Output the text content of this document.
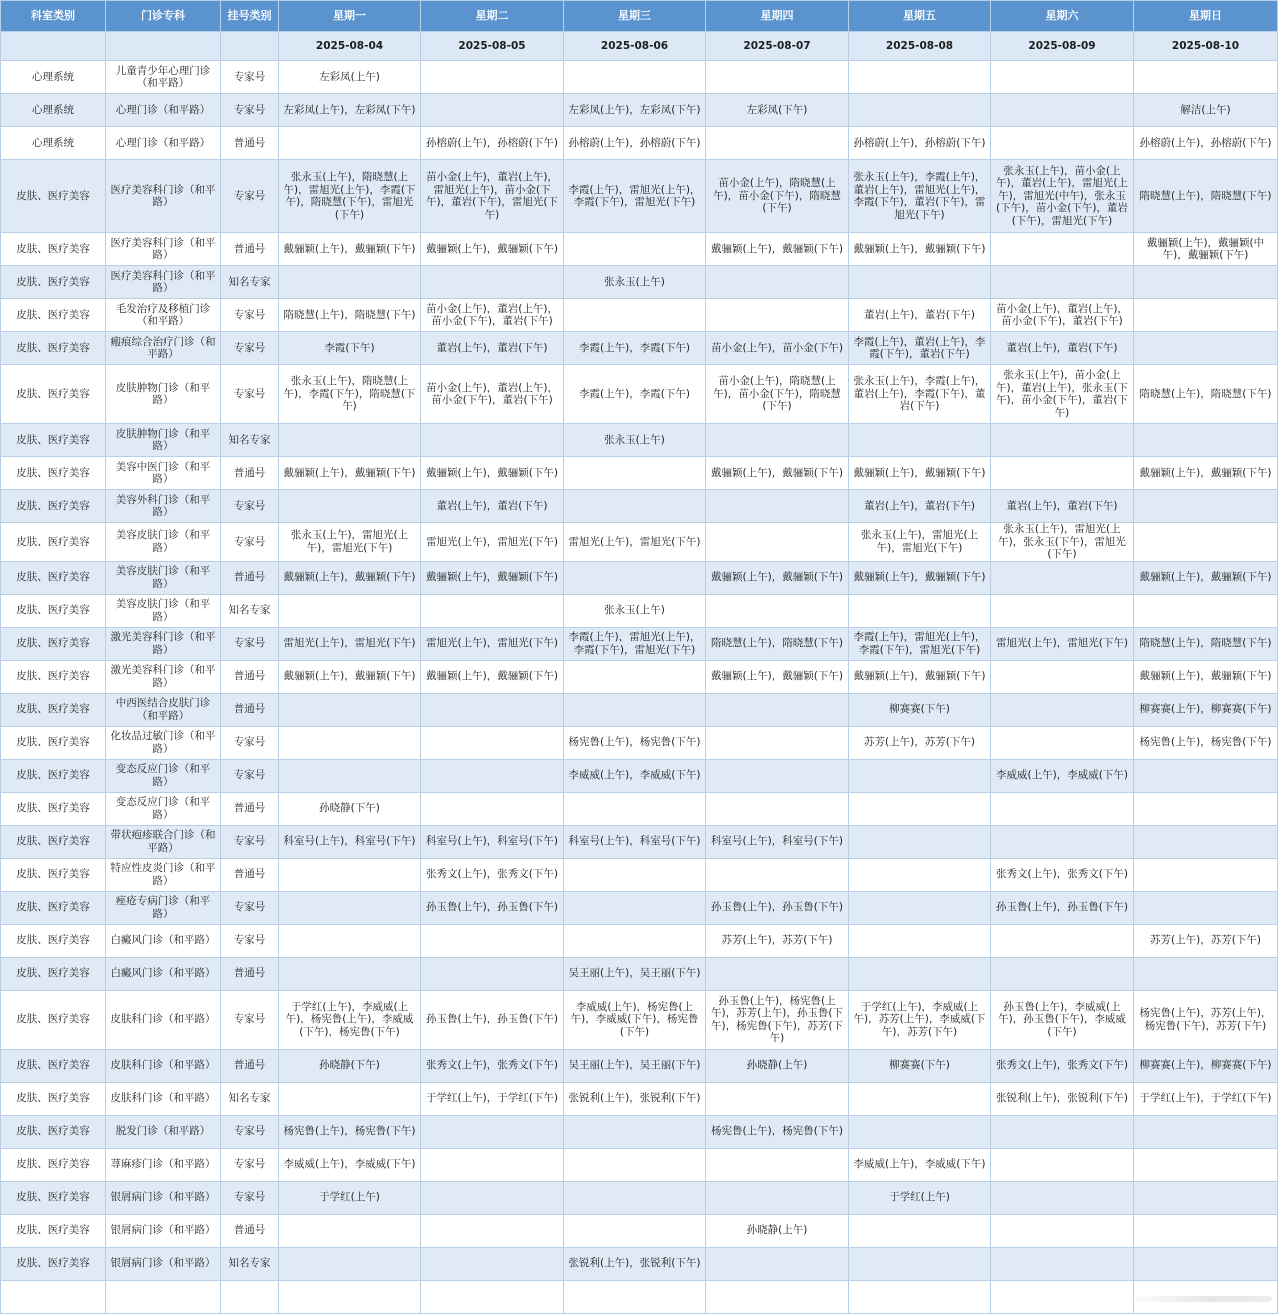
科室类别	门诊专科	挂号类别	星期一	星期二	星期三	星期四	星期五	星期六	星期日
			2025-08-04	2025-08-05	2025-08-06	2025-08-07	2025-08-08	2025-08-09	2025-08-10
心理系统	儿童青少年心理门诊（和平路）	专家号	左彩凤(上午)						
心理系统	心理门诊（和平路）	专家号	左彩凤(上午)，左彩凤(下午)		左彩凤(上午)，左彩凤(下午)	左彩凤(下午)			解洁(上午)
心理系统	心理门诊（和平路）	普通号		孙榕蔚(上午)，孙榕蔚(下午)	孙榕蔚(上午)，孙榕蔚(下午)		孙榕蔚(上午)，孙榕蔚(下午)		孙榕蔚(上午)，孙榕蔚(下午)
皮肤、医疗美容	医疗美容科门诊（和平路）	专家号	张永玉(上午)，隋晓慧(上午)，雷旭光(上午)，李霞(下午)，隋晓慧(下午)，雷旭光(下午)	苗小金(上午)，董岩(上午)，雷旭光(上午)，苗小金(下午)，董岩(下午)，雷旭光(下午)	李霞(上午)，雷旭光(上午)，李霞(下午)，雷旭光(下午)	苗小金(上午)，隋晓慧(上午)，苗小金(下午)，隋晓慧(下午)	张永玉(上午)，李霞(上午)，董岩(上午)，雷旭光(上午)，李霞(下午)，董岩(下午)，雷旭光(下午)	张永玉(上午)，苗小金(上午)，董岩(上午)，雷旭光(上午)，雷旭光(中午)，张永玉(下午)，苗小金(下午)，董岩(下午)，雷旭光(下午)	隋晓慧(上午)，隋晓慧(下午)
皮肤、医疗美容	医疗美容科门诊（和平路）	普通号	戴骊颖(上午)，戴骊颖(下午)	戴骊颖(上午)，戴骊颖(下午)		戴骊颖(上午)，戴骊颖(下午)	戴骊颖(上午)，戴骊颖(下午)		戴骊颖(上午)，戴骊颖(中午)，戴骊颖(下午)
皮肤、医疗美容	医疗美容科门诊（和平路）	知名专家			张永玉(上午)				
皮肤、医疗美容	毛发治疗及移植门诊（和平路）	专家号	隋晓慧(上午)，隋晓慧(下午)	苗小金(上午)，董岩(上午)，苗小金(下午)，董岩(下午)			董岩(上午)，董岩(下午)	苗小金(上午)，董岩(上午)，苗小金(下午)，董岩(下午)	
皮肤、医疗美容	瘢痕综合治疗门诊（和平路）	专家号	李霞(下午)	董岩(上午)，董岩(下午)	李霞(上午)，李霞(下午)	苗小金(上午)，苗小金(下午)	李霞(上午)，董岩(上午)，李霞(下午)，董岩(下午)	董岩(上午)，董岩(下午)	
皮肤、医疗美容	皮肤肿物门诊（和平路）	专家号	张永玉(上午)，隋晓慧(上午)，李霞(下午)，隋晓慧(下午)	苗小金(上午)，董岩(上午)，苗小金(下午)，董岩(下午)	李霞(上午)，李霞(下午)	苗小金(上午)，隋晓慧(上午)，苗小金(下午)，隋晓慧(下午)	张永玉(上午)，李霞(上午)，董岩(上午)，李霞(下午)，董岩(下午)	张永玉(上午)，苗小金(上午)，董岩(上午)，张永玉(下午)，苗小金(下午)，董岩(下午)	隋晓慧(上午)，隋晓慧(下午)
皮肤、医疗美容	皮肤肿物门诊（和平路）	知名专家			张永玉(上午)				
皮肤、医疗美容	美容中医门诊（和平路）	普通号	戴骊颖(上午)，戴骊颖(下午)	戴骊颖(上午)，戴骊颖(下午)		戴骊颖(上午)，戴骊颖(下午)	戴骊颖(上午)，戴骊颖(下午)		戴骊颖(上午)，戴骊颖(下午)
皮肤、医疗美容	美容外科门诊（和平路）	专家号		董岩(上午)，董岩(下午)			董岩(上午)，董岩(下午)	董岩(上午)，董岩(下午)	
皮肤、医疗美容	美容皮肤门诊（和平路）	专家号	张永玉(上午)，雷旭光(上午)，雷旭光(下午)	雷旭光(上午)，雷旭光(下午)	雷旭光(上午)，雷旭光(下午)		张永玉(上午)，雷旭光(上午)，雷旭光(下午)	张永玉(上午)，雷旭光(上午)，张永玉(下午)，雷旭光(下午)	
皮肤、医疗美容	美容皮肤门诊（和平路）	普通号	戴骊颖(上午)，戴骊颖(下午)	戴骊颖(上午)，戴骊颖(下午)		戴骊颖(上午)，戴骊颖(下午)	戴骊颖(上午)，戴骊颖(下午)		戴骊颖(上午)，戴骊颖(下午)
皮肤、医疗美容	美容皮肤门诊（和平路）	知名专家			张永玉(上午)				
皮肤、医疗美容	激光美容科门诊（和平路）	专家号	雷旭光(上午)，雷旭光(下午)	雷旭光(上午)，雷旭光(下午)	李霞(上午)，雷旭光(上午)，李霞(下午)，雷旭光(下午)	隋晓慧(上午)，隋晓慧(下午)	李霞(上午)，雷旭光(上午)，李霞(下午)，雷旭光(下午)	雷旭光(上午)，雷旭光(下午)	隋晓慧(上午)，隋晓慧(下午)
皮肤、医疗美容	激光美容科门诊（和平路）	普通号	戴骊颖(上午)，戴骊颖(下午)	戴骊颖(上午)，戴骊颖(下午)		戴骊颖(上午)，戴骊颖(下午)	戴骊颖(上午)，戴骊颖(下午)		戴骊颖(上午)，戴骊颖(下午)
皮肤、医疗美容	中西医结合皮肤门诊（和平路）	普通号					柳赛赛(下午)		柳赛赛(上午)，柳赛赛(下午)
皮肤、医疗美容	化妆品过敏门诊（和平路）	专家号			杨宪鲁(上午)，杨宪鲁(下午)		苏芳(上午)，苏芳(下午)		杨宪鲁(上午)，杨宪鲁(下午)
皮肤、医疗美容	变态反应门诊（和平路）	专家号			李威威(上午)，李威威(下午)			李威威(上午)，李威威(下午)	
皮肤、医疗美容	变态反应门诊（和平路）	普通号	孙晓静(下午)						
皮肤、医疗美容	带状疱疹联合门诊（和平路）	专家号	科室号(上午)，科室号(下午)	科室号(上午)，科室号(下午)	科室号(上午)，科室号(下午)	科室号(上午)，科室号(下午)			
皮肤、医疗美容	特应性皮炎门诊（和平路）	普通号		张秀文(上午)，张秀文(下午)				张秀文(上午)，张秀文(下午)	
皮肤、医疗美容	痤疮专病门诊（和平路）	专家号		孙玉鲁(上午)，孙玉鲁(下午)		孙玉鲁(上午)，孙玉鲁(下午)		孙玉鲁(上午)，孙玉鲁(下午)	
皮肤、医疗美容	白癜风门诊（和平路）	专家号				苏芳(上午)，苏芳(下午)			苏芳(上午)，苏芳(下午)
皮肤、医疗美容	白癜风门诊（和平路）	普通号			吴王丽(上午)，吴王丽(下午)				
皮肤、医疗美容	皮肤科门诊（和平路）	专家号	于学红(上午)，李威威(上午)，杨宪鲁(上午)，李威威(下午)，杨宪鲁(下午)	孙玉鲁(上午)，孙玉鲁(下午)	李威威(上午)，杨宪鲁(上午)，李威威(下午)，杨宪鲁(下午)	孙玉鲁(上午)，杨宪鲁(上午)，苏芳(上午)，孙玉鲁(下午)，杨宪鲁(下午)，苏芳(下午)	于学红(上午)，李威威(上午)，苏芳(上午)，李威威(下午)，苏芳(下午)	孙玉鲁(上午)，李威威(上午)，孙玉鲁(下午)，李威威(下午)	杨宪鲁(上午)，苏芳(上午)，杨宪鲁(下午)，苏芳(下午)
皮肤、医疗美容	皮肤科门诊（和平路）	普通号	孙晓静(下午)	张秀文(上午)，张秀文(下午)	吴王丽(上午)，吴王丽(下午)	孙晓静(上午)	柳赛赛(下午)	张秀文(上午)，张秀文(下午)	柳赛赛(上午)，柳赛赛(下午)
皮肤、医疗美容	皮肤科门诊（和平路）	知名专家		于学红(上午)，于学红(下午)	张锐利(上午)，张锐利(下午)			张锐利(上午)，张锐利(下午)	于学红(上午)，于学红(下午)
皮肤、医疗美容	脱发门诊（和平路）	专家号	杨宪鲁(上午)，杨宪鲁(下午)			杨宪鲁(上午)，杨宪鲁(下午)			
皮肤、医疗美容	荨麻疹门诊（和平路）	专家号	李威威(上午)，李威威(下午)				李威威(上午)，李威威(下午)		
皮肤、医疗美容	银屑病门诊（和平路）	专家号	于学红(上午)				于学红(上午)		
皮肤、医疗美容	银屑病门诊（和平路）	普通号				孙晓静(上午)			
皮肤、医疗美容	银屑病门诊（和平路）	知名专家			张锐利(上午)，张锐利(下午)				
